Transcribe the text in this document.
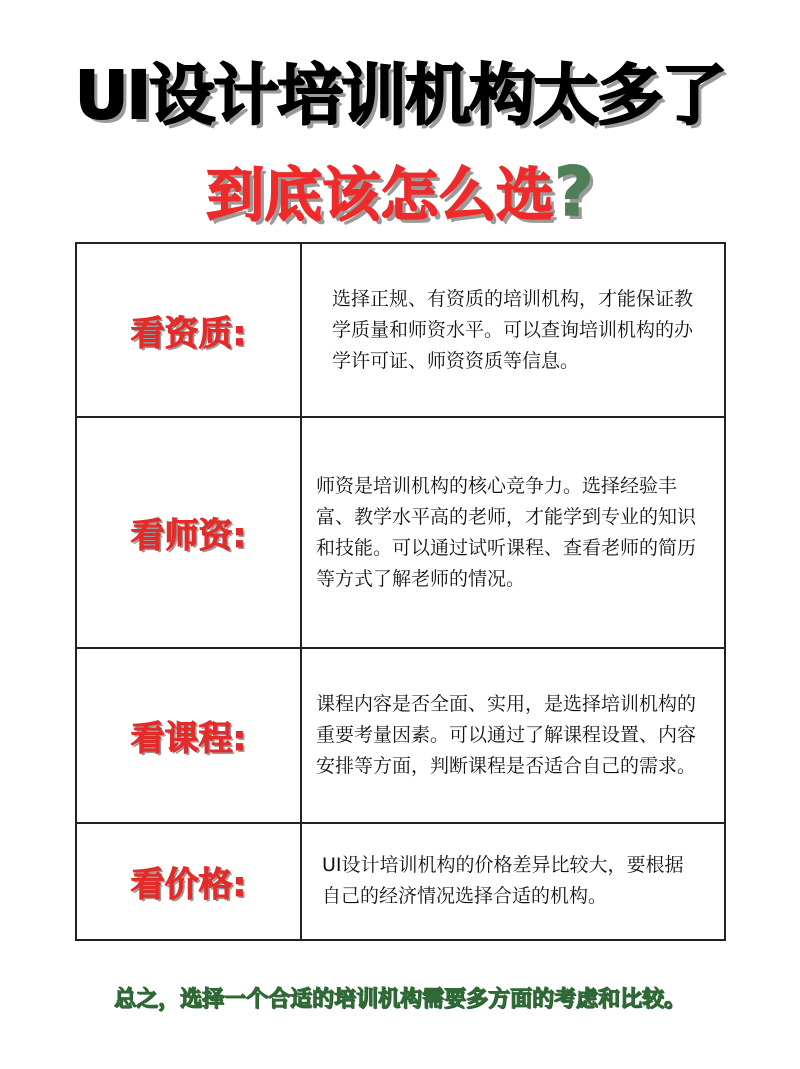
UI设计培训机构太多了
到底该怎么选?
看资质:	选择正规、有资质的培训机构，才能保证教学质量和师资水平。可以查询培训机构的办学许可证、师资资质等信息。
看师资:	师资是培训机构的核心竞争力。选择经验丰富、教学水平高的老师，才能学到专业的知识和技能。可以通过试听课程、查看老师的简历等方式了解老师的情况。
看课程:	课程内容是否全面、实用，是选择培训机构的重要考量因素。可以通过了解课程设置、内容安排等方面，判断课程是否适合自己的需求。
看价格:	UI设计培训机构的价格差异比较大，要根据自己的经济情况选择合适的机构。
总之，选择一个合适的培训机构需要多方面的考虑和比较。
